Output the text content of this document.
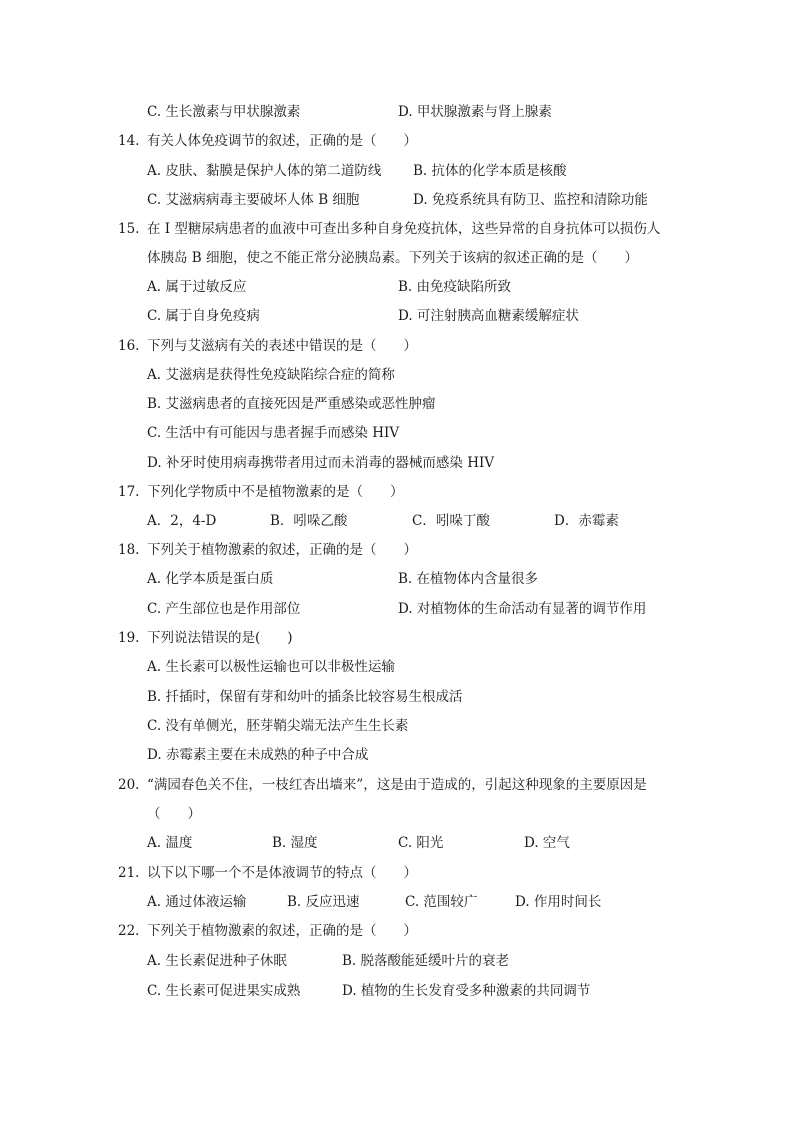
C. 生长激素与甲状腺激素	D. 甲状腺激素与肾上腺素
14. 有关人体免疫调节的叙述，正确的是（　　）
A. 皮肤、黏膜是保护人体的第二道防线 B. 抗体的化学本质是核酸
C. 艾滋病病毒主要破坏人体 B 细胞	D. 免疫系统具有防卫、监控和清除功能
15. 在 I 型糖尿病患者的血液中可查出多种自身免疫抗体，这些异常的自身抗体可以损伤人
体胰岛 B 细胞，使之不能正常分泌胰岛素。下列关于该病的叙述正确的是（　　）
A. 属于过敏反应	B. 由免疫缺陷所致
C. 属于自身免疫病	D. 可注射胰高血糖素缓解症状
16. 下列与艾滋病有关的表述中错误的是（　　）
A. 艾滋病是获得性免疫缺陷综合症的简称
B. 艾滋病患者的直接死因是严重感染或恶性肿瘤
C. 生活中有可能因与患者握手而感染 HIV
D. 补牙时使用病毒携带者用过而未消毒的器械而感染 HIV
17. 下列化学物质中不是植物激素的是（　　）
A．2，4-D	B．吲哚乙酸	C．吲哚丁酸	D．赤霉素
18. 下列关于植物激素的叙述，正确的是（　　）
A. 化学本质是蛋白质	B. 在植物体内含量很多
C. 产生部位也是作用部位	D. 对植物体的生命活动有显著的调节作用
19. 下列说法错误的是(　　)
A. 生长素可以极性运输也可以非极性运输
B. 扦插时，保留有芽和幼叶的插条比较容易生根成活
C. 没有单侧光，胚芽鞘尖端无法产生生长素
D. 赤霉素主要在未成熟的种子中合成
20. “满园春色关不住，一枝红杏出墙来”，这是由于造成的，引起这种现象的主要原因是
（　　）
A. 温度	B. 湿度	C. 阳光	D. 空气
21. 以下以下哪一个不是体液调节的特点（　　）
A. 通过体液运输	B. 反应迅速	C. 范围较广	D. 作用时间长
22. 下列关于植物激素的叙述，正确的是（　　）
A. 生长素促进种子休眠	B. 脱落酸能延缓叶片的衰老
C. 生长素可促进果实成熟	D. 植物的生长发育受多种激素的共同调节
